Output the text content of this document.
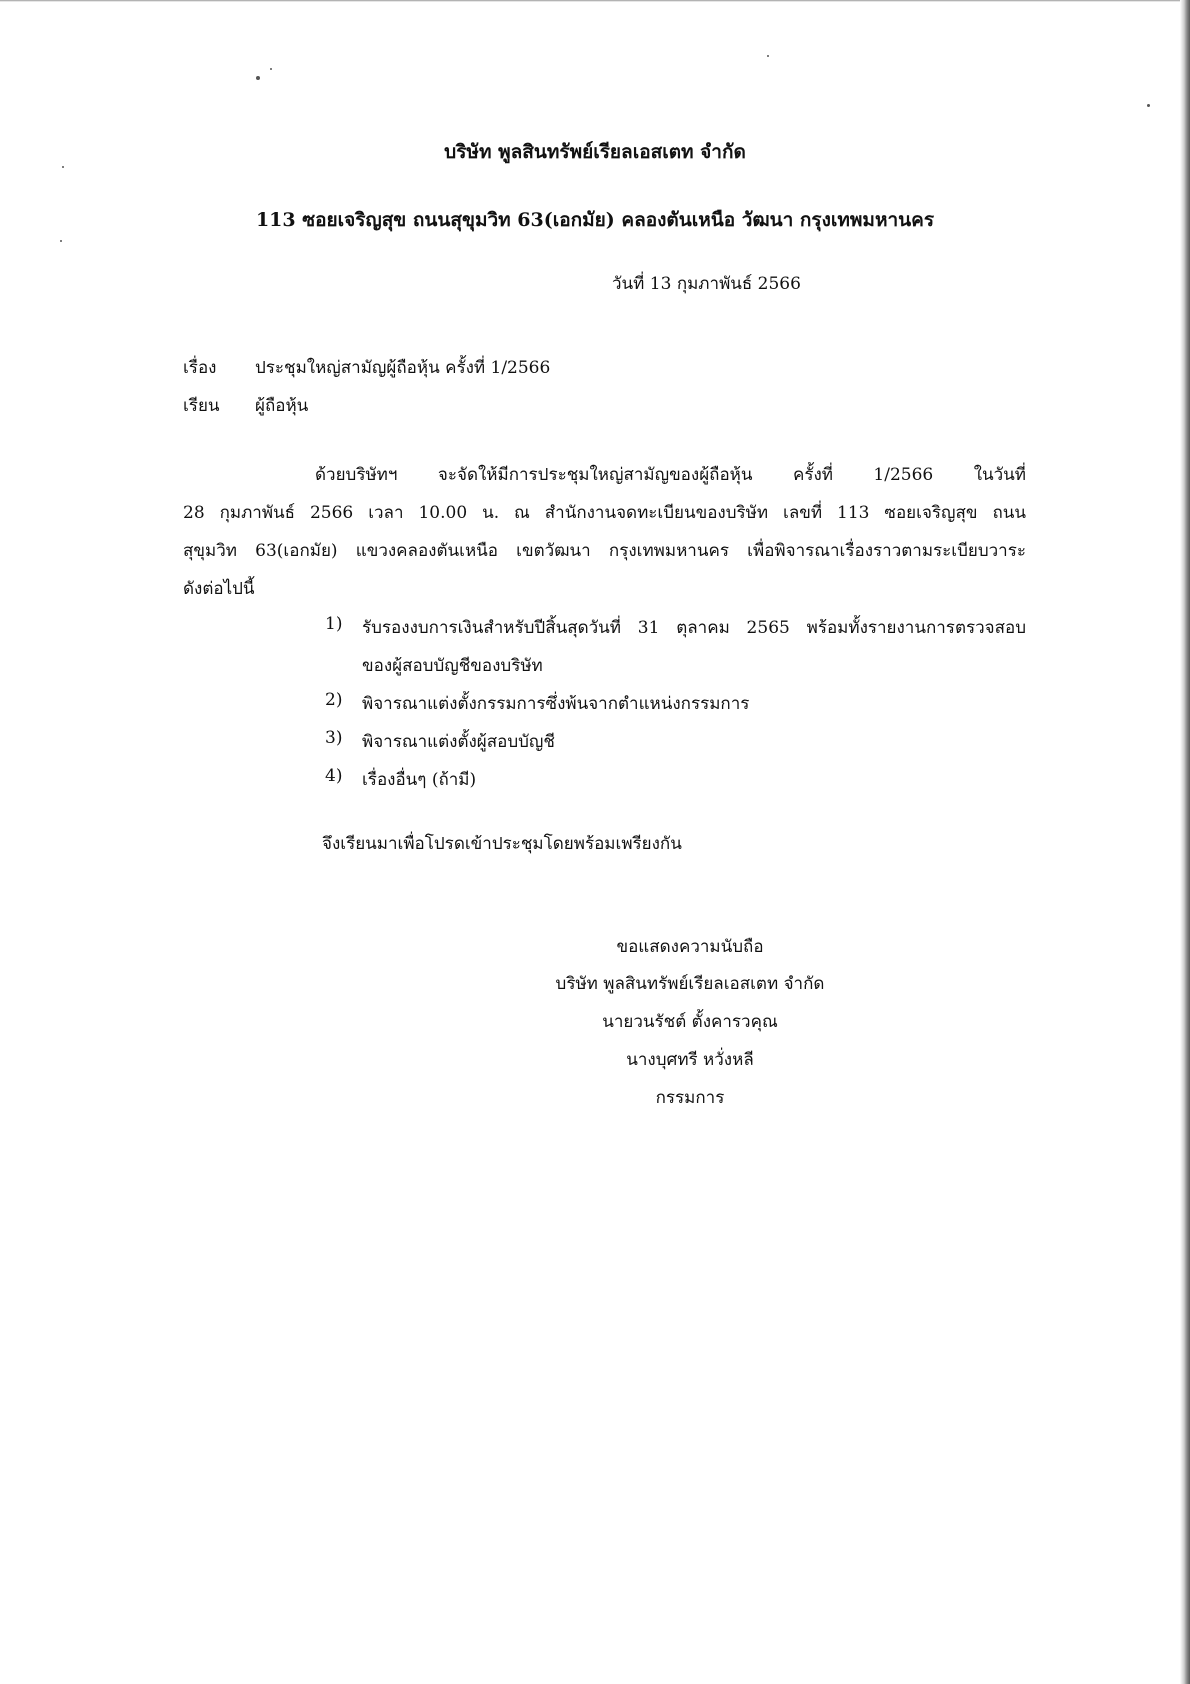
บริษัท พูลสินทรัพย์เรียลเอสเตท จำกัด
113 ซอยเจริญสุข ถนนสุขุมวิท 63(เอกมัย) คลองตันเหนือ วัฒนา กรุงเทพมหานคร
วันที่ 13 กุมภาพันธ์ 2566
เรื่อง ประชุมใหญ่สามัญผู้ถือหุ้น ครั้งที่ 1/2566
เรียน ผู้ถือหุ้น
ด้วยบริษัทฯ จะจัดให้มีการประชุมใหญ่สามัญของผู้ถือหุ้น ครั้งที่ 1/2566 ในวันที่
28 กุมภาพันธ์ 2566 เวลา 10.00 น. ณ สำนักงานจดทะเบียนของบริษัท เลขที่ 113 ซอยเจริญสุข ถนน
สุขุมวิท 63(เอกมัย) แขวงคลองตันเหนือ เขตวัฒนา กรุงเทพมหานคร เพื่อพิจารณาเรื่องราวตามระเบียบวาระ
ดังต่อไปนี้
1) รับรองงบการเงินสำหรับปีสิ้นสุดวันที่ 31 ตุลาคม 2565 พร้อมทั้งรายงานการตรวจสอบ
ของผู้สอบบัญชีของบริษัท
2) พิจารณาแต่งตั้งกรรมการซึ่งพ้นจากตำแหน่งกรรมการ
3) พิจารณาแต่งตั้งผู้สอบบัญชี
4) เรื่องอื่นๆ (ถ้ามี)
จึงเรียนมาเพื่อโปรดเข้าประชุมโดยพร้อมเพรียงกัน
ขอแสดงความนับถือ
บริษัท พูลสินทรัพย์เรียลเอสเตท จำกัด
นายวนรัชต์ ตั้งคารวคุณ
นางบุศทรี หวั่งหลี
กรรมการ
